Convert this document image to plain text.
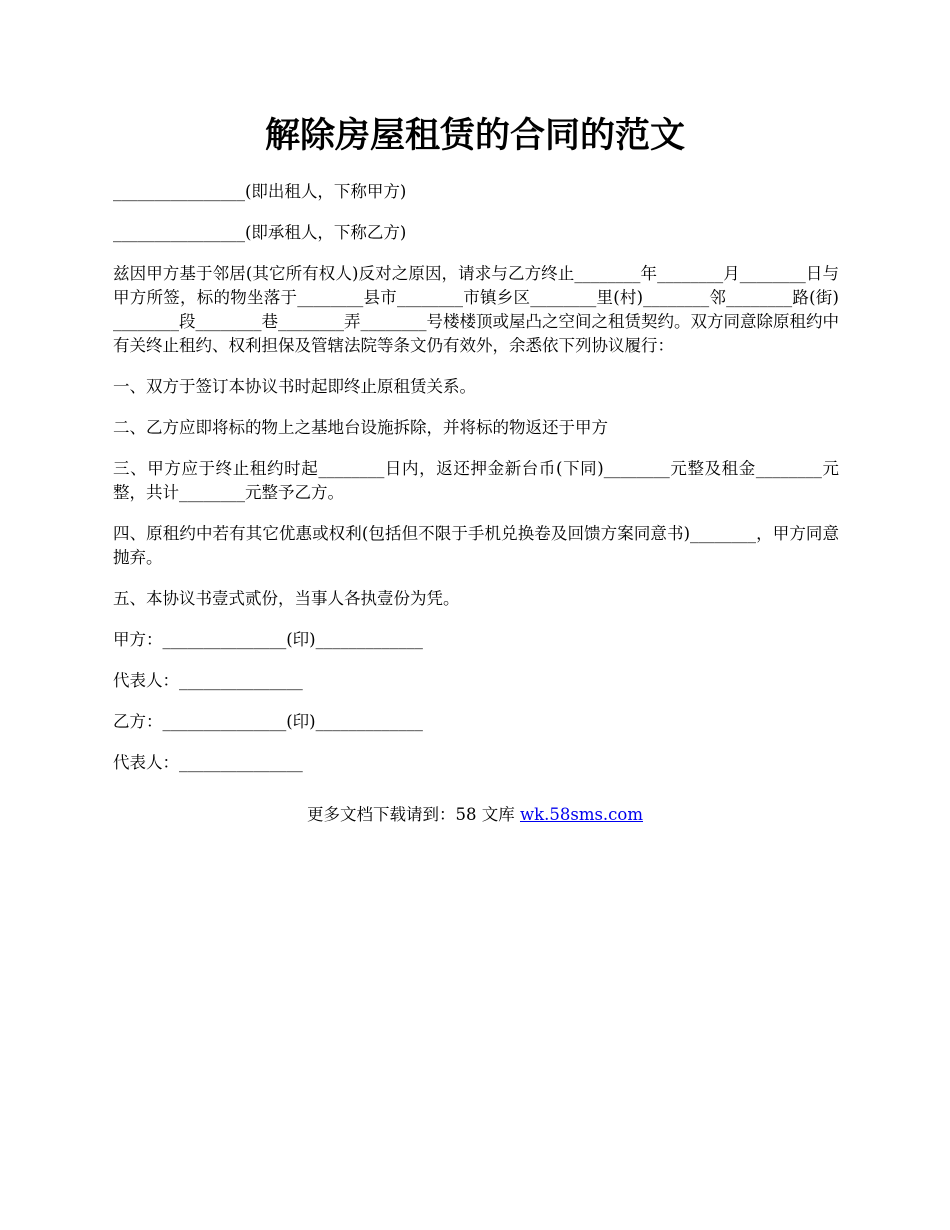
解除房屋租赁的合同的范文

________________(即出租人，下称甲方)

________________(即承租人，下称乙方)

兹因甲方基于邻居(其它所有权人)反对之原因，请求与乙方终止________年________月________日与甲方所签，标的物坐落于________县市________市镇乡区________里(村)________邻________路(街)________段________巷________弄________号楼楼顶或屋凸之空间之租赁契约。双方同意除原租约中有关终止租约、权利担保及管辖法院等条文仍有效外，余悉依下列协议履行：

一、双方于签订本协议书时起即终止原租赁关系。

二、乙方应即将标的物上之基地台设施拆除，并将标的物返还于甲方

三、甲方应于终止租约时起________日内，返还押金新台币(下同)________元整及租金________元整，共计________元整予乙方。

四、原租约中若有其它优惠或权利(包括但不限于手机兑换卷及回馈方案同意书)________，甲方同意抛弃。

五、本协议书壹式贰份，当事人各执壹份为凭。

甲方：_______________(印)_____________

代表人：_______________

乙方：_______________(印)_____________

代表人：_______________

更多文档下载请到：58 文库 wk.58sms.com
